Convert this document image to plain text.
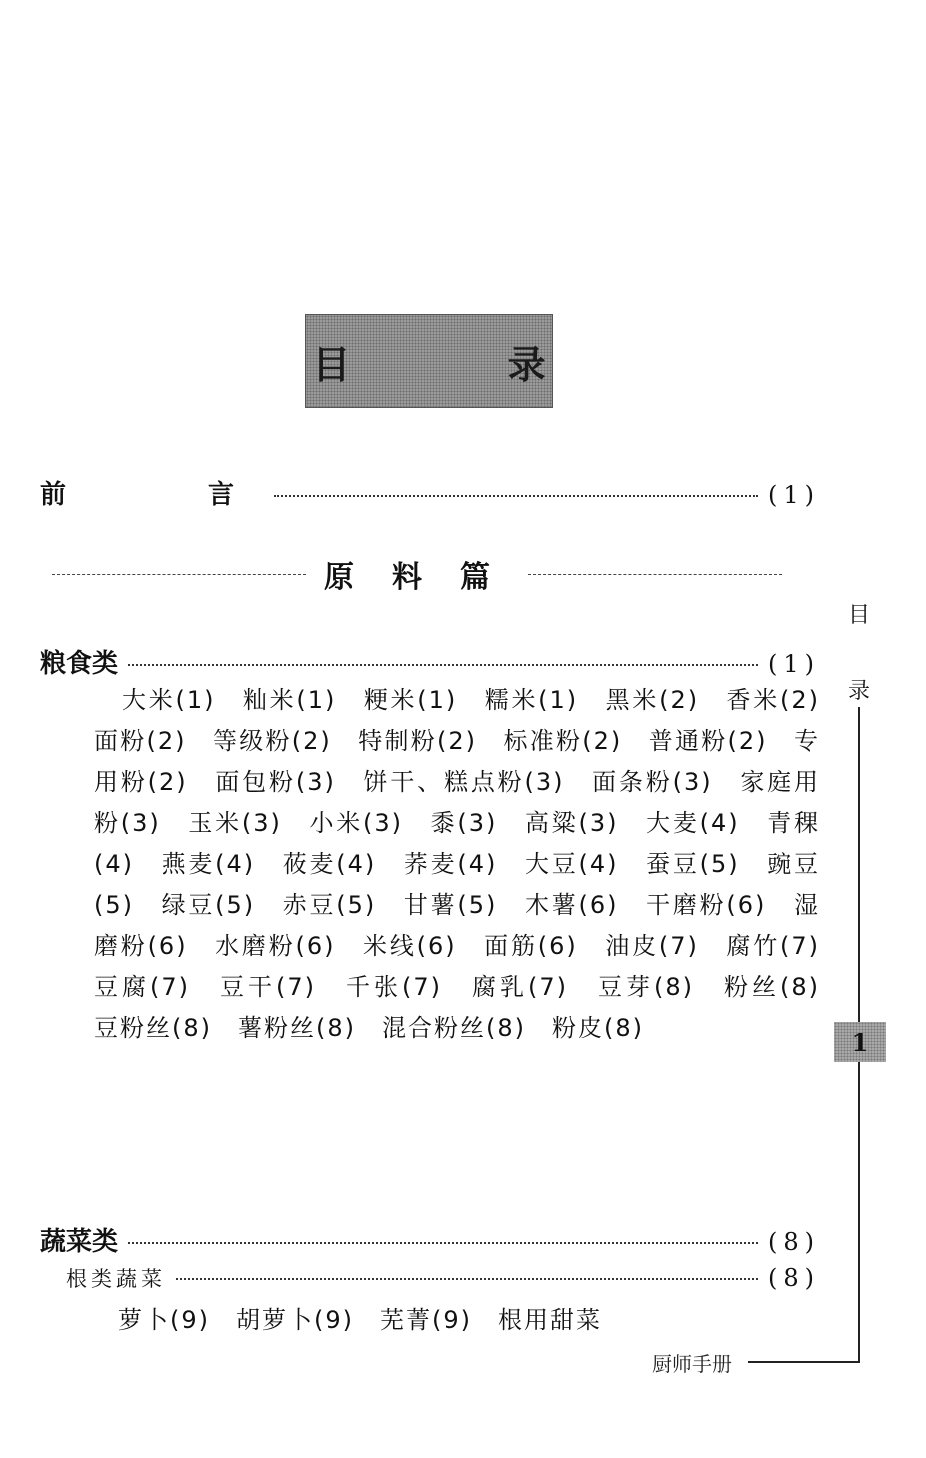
目 录
前　　言	(1)
原料篇
粮食类	(1)
大米(1)　籼米(1)　粳米(1)　糯米(1)　黑米(2)　香米(2)　面粉(2)　等级粉(2)　特制粉(2)　标准粉(2)　普通粉(2)　专用粉(2)　面包粉(3)　饼干、糕点粉(3)　面条粉(3)　家庭用粉(3)　玉米(3)　小米(3)　黍(3)　高粱(3)　大麦(4)　青稞(4)　燕麦(4)　莜麦(4)　荞麦(4)　大豆(4)　蚕豆(5)　豌豆(5)　绿豆(5)　赤豆(5)　甘薯(5)　木薯(6)　干磨粉(6)　湿磨粉(6)　水磨粉(6)　米线(6)　面筋(6)　油皮(7)　腐竹(7)　豆腐(7)　豆干(7)　千张(7)　腐乳(7)　豆芽(8)　粉丝(8)　豆粉丝(8)　薯粉丝(8)　混合粉丝(8)　粉皮(8)
蔬菜类	(8)
根类蔬菜	(8)
萝卜(9)　胡萝卜(9)　芜菁(9)　根用甜菜
目
录
1
厨师手册
